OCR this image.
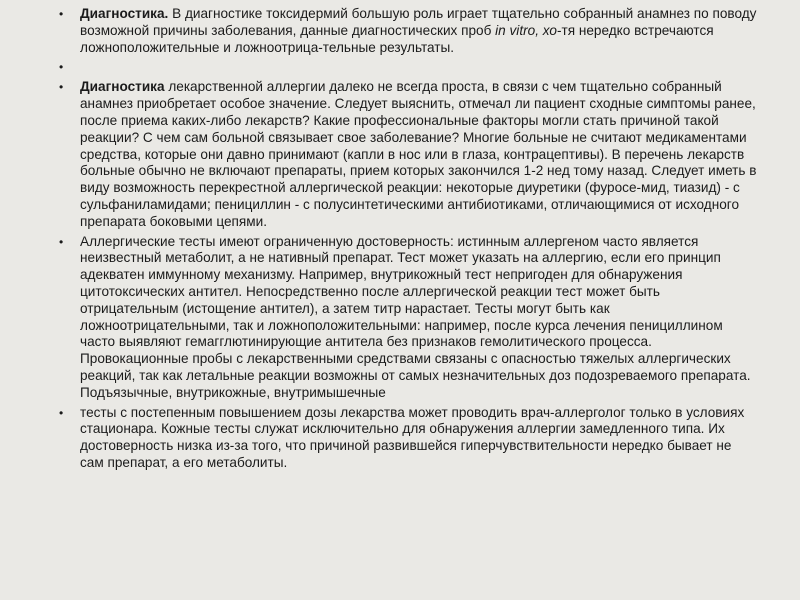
• Диагностика. В диагностике токсидермий большую роль играет тщательно собранный анамнез по поводу возможной причины заболевания, данные диагностических проб in vitro, хо-тя нередко встречаются ложноположительные и ложноотрица-тельные результаты.
•
• Диагностика лекарственной аллергии далеко не всегда проста, в связи с чем тщательно собранный анамнез приобретает особое значение. Следует выяснить, отмечал ли пациент сходные симптомы ранее, после приема каких-либо лекарств? Какие профессиональные факторы могли стать причиной такой реакции? С чем сам больной связывает свое заболевание? Многие больные не считают медикаментами средства, которые они давно принимают (капли в нос или в глаза, контрацептивы). В перечень лекарств больные обычно не включают препараты, прием которых закончился 1-2 нед тому назад. Следует иметь в виду возможность перекрестной аллергической реакции: некоторые диуретики (фуросе-мид, тиазид) - с сульфаниламидами; пенициллин - с полусинтетическими антибиотиками, отличающимися от исходного препарата боковыми цепями.
• Аллергические тесты имеют ограниченную достоверность: истинным аллергеном часто является неизвестный метаболит, а не нативный препарат. Тест может указать на аллергию, если его принцип адекватен иммунному механизму. Например, внутрикожный тест непригоден для обнаружения цитотоксических антител. Непосредственно после аллергической реакции тест может быть отрицательным (истощение антител), а затем титр нарастает. Тесты могут быть как ложноотрицательными, так и ложноположительными: например, после курса лечения пенициллином часто выявляют гемагглютинирующие антитела без признаков гемолитического процесса. Провокационные пробы с лекарственными средствами связаны с опасностью тяжелых аллергических реакций, так как летальные реакции возможны от самых незначительных доз подозреваемого препарата. Подъязычные, внутрикожные, внутримышечные
• тесты с постепенным повышением дозы лекарства может проводить врач-аллерголог только в условиях стационара. Кожные тесты служат исключительно для обнаружения аллергии замедленного типа. Их достоверность низка из-за того, что причиной развившейся гиперчувствительности нередко бывает не сам препарат, а его метаболиты.
